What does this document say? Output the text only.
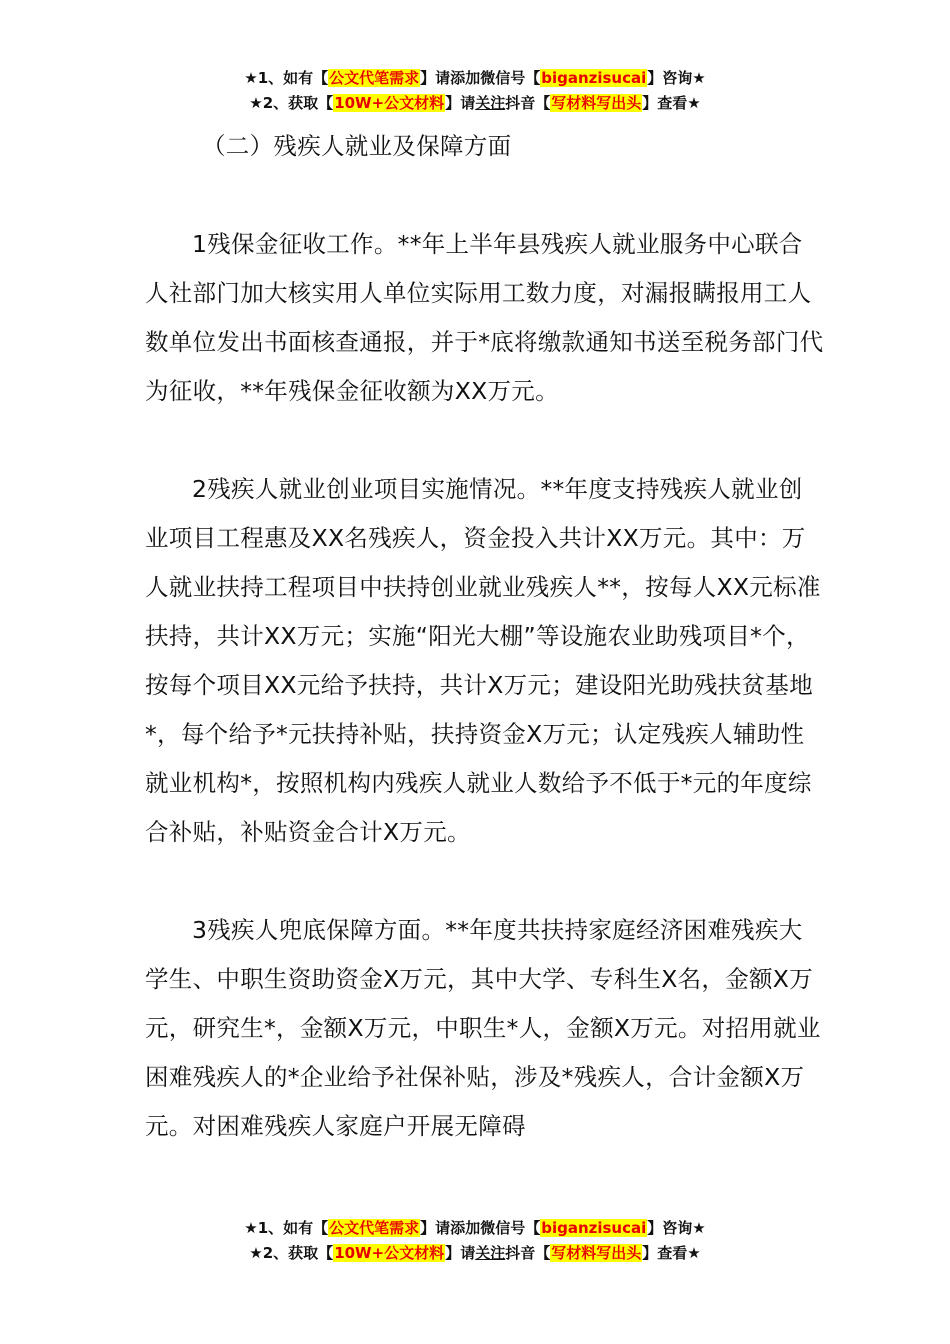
★1、如有【公文代笔需求】请添加微信号【biganzisucai】咨询★
★2、获取【10W+公文材料】请关注抖音【写材料写出头】查看★

（二）残疾人就业及保障方面

1残保金征收工作。**年上半年县残疾人就业服务中心联合人社部门加大核实用人单位实际用工数力度，对漏报瞒报用工人数单位发出书面核查通报，并于*底将缴款通知书送至税务部门代为征收，**年残保金征收额为XX万元。

2残疾人就业创业项目实施情况。**年度支持残疾人就业创业项目工程惠及XX名残疾人，资金投入共计XX万元。其中：万人就业扶持工程项目中扶持创业就业残疾人**，按每人XX元标准扶持，共计XX万元；实施“阳光大棚”等设施农业助残项目*个，按每个项目XX元给予扶持，共计X万元；建设阳光助残扶贫基地*，每个给予*元扶持补贴，扶持资金X万元；认定残疾人辅助性就业机构*，按照机构内残疾人就业人数给予不低于*元的年度综合补贴，补贴资金合计X万元。

3残疾人兜底保障方面。**年度共扶持家庭经济困难残疾大学生、中职生资助资金X万元，其中大学、专科生X名，金额X万元，研究生*，金额X万元，中职生*人，金额X万元。对招用就业困难残疾人的*企业给予社保补贴，涉及*残疾人，合计金额X万元。对困难残疾人家庭户开展无障碍

★1、如有【公文代笔需求】请添加微信号【biganzisucai】咨询★
★2、获取【10W+公文材料】请关注抖音【写材料写出头】查看★
